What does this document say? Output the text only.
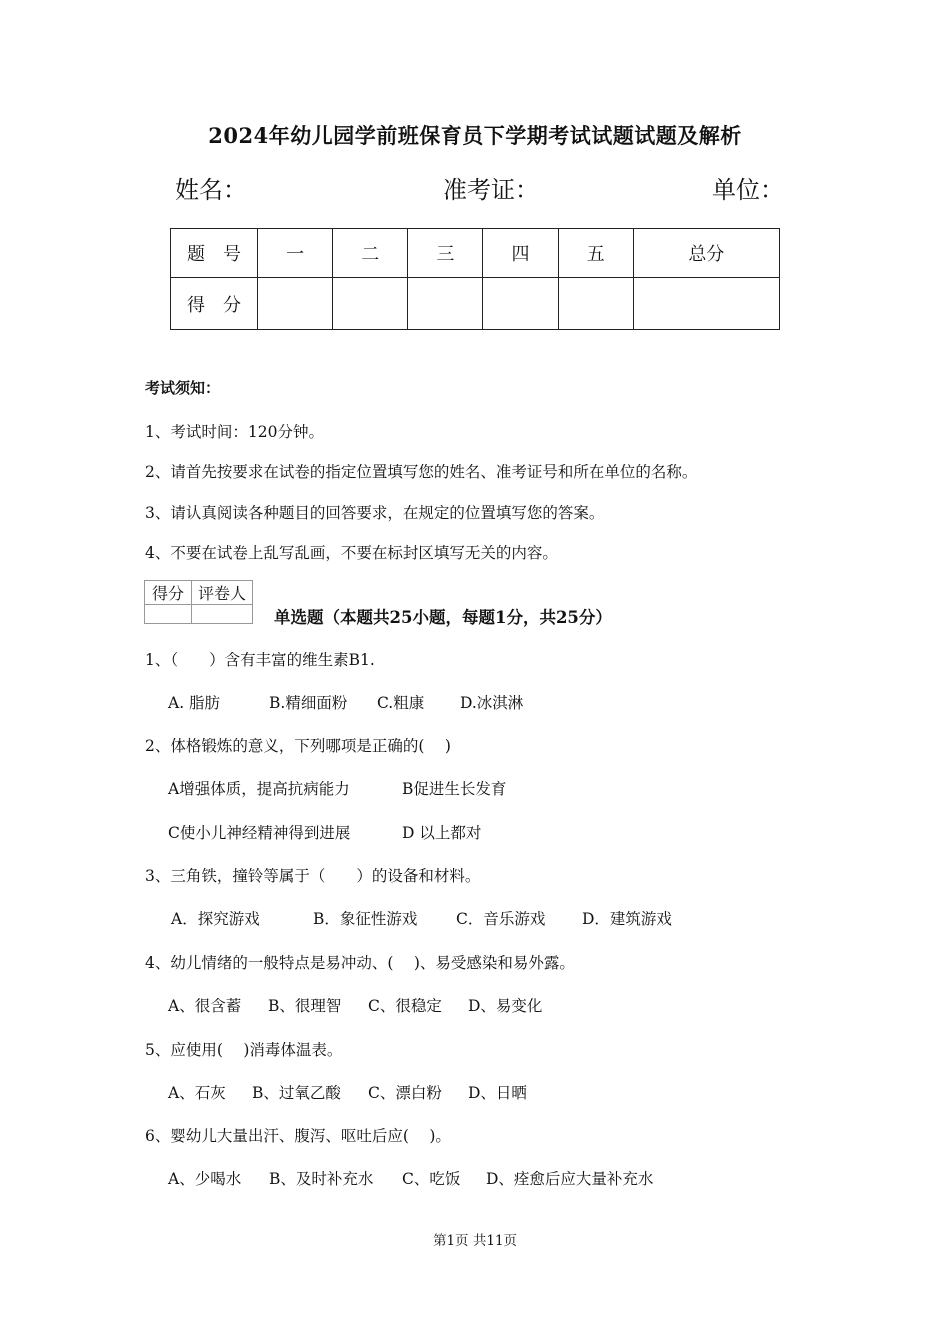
2024年幼儿园学前班保育员下学期考试试题试题及解析
姓名：	准考证：	单位：
题　号	一	二	三	四	五	总分
得　分						
考试须知：
1、考试时间：120分钟。
2、请首先按要求在试卷的指定位置填写您的姓名、准考证号和所在单位的名称。
3、请认真阅读各种题目的回答要求，在规定的位置填写您的答案。
4、不要在试卷上乱写乱画，不要在标封区填写无关的内容。
得分	评卷人

单选题（本题共25小题，每题1分，共25分）
1、（　　）含有丰富的维生素B1.
A. 脂肪	B.精细面粉 C.粗康 D.冰淇淋
2、体格锻炼的意义，下列哪项是正确的(　 )
A增强体质，提高抗病能力	B促进生长发育
C使小儿神经精神得到进展	D 以上都对
3、三角铁，撞铃等属于（　　）的设备和材料。
A．探究游戏	B．象征性游戏 C．音乐游戏 D．建筑游戏
4、幼儿情绪的一般特点是易冲动、(　 )、易受感染和易外露。
A、很含蓄 B、很理智 C、很稳定 D、易变化
5、应使用(　 )消毒体温表。
A、石灰 B、过氧乙酸 C、漂白粉 D、日晒
6、婴幼儿大量出汗、腹泻、呕吐后应(　 )。
A、少喝水 B、及时补充水 C、吃饭 D、痊愈后应大量补充水
第1页 共11页
